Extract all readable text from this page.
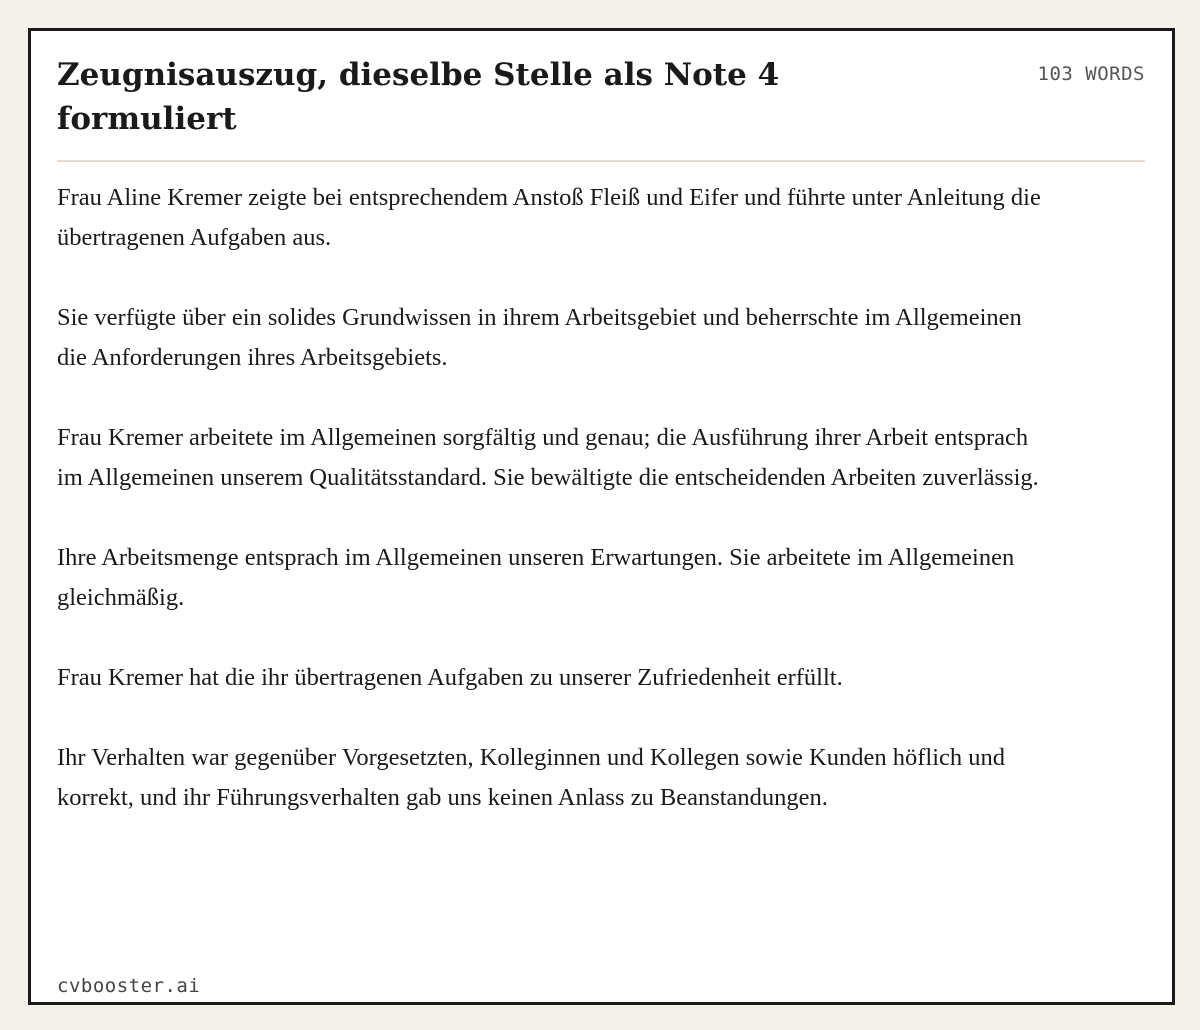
Zeugnisauszug, dieselbe Stelle als Note 4 formuliert
103 WORDS

Frau Aline Kremer zeigte bei entsprechendem Anstoß Fleiß und Eifer und führte unter Anleitung die übertragenen Aufgaben aus.

Sie verfügte über ein solides Grundwissen in ihrem Arbeitsgebiet und beherrschte im Allgemeinen die Anforderungen ihres Arbeitsgebiets.

Frau Kremer arbeitete im Allgemeinen sorgfältig und genau; die Ausführung ihrer Arbeit entsprach im Allgemeinen unserem Qualitätsstandard. Sie bewältigte die entscheidenden Arbeiten zuverlässig.

Ihre Arbeitsmenge entsprach im Allgemeinen unseren Erwartungen. Sie arbeitete im Allgemeinen gleichmäßig.

Frau Kremer hat die ihr übertragenen Aufgaben zu unserer Zufriedenheit erfüllt.

Ihr Verhalten war gegenüber Vorgesetzten, Kolleginnen und Kollegen sowie Kunden höflich und korrekt, und ihr Führungsverhalten gab uns keinen Anlass zu Beanstandungen.

cvbooster.ai
